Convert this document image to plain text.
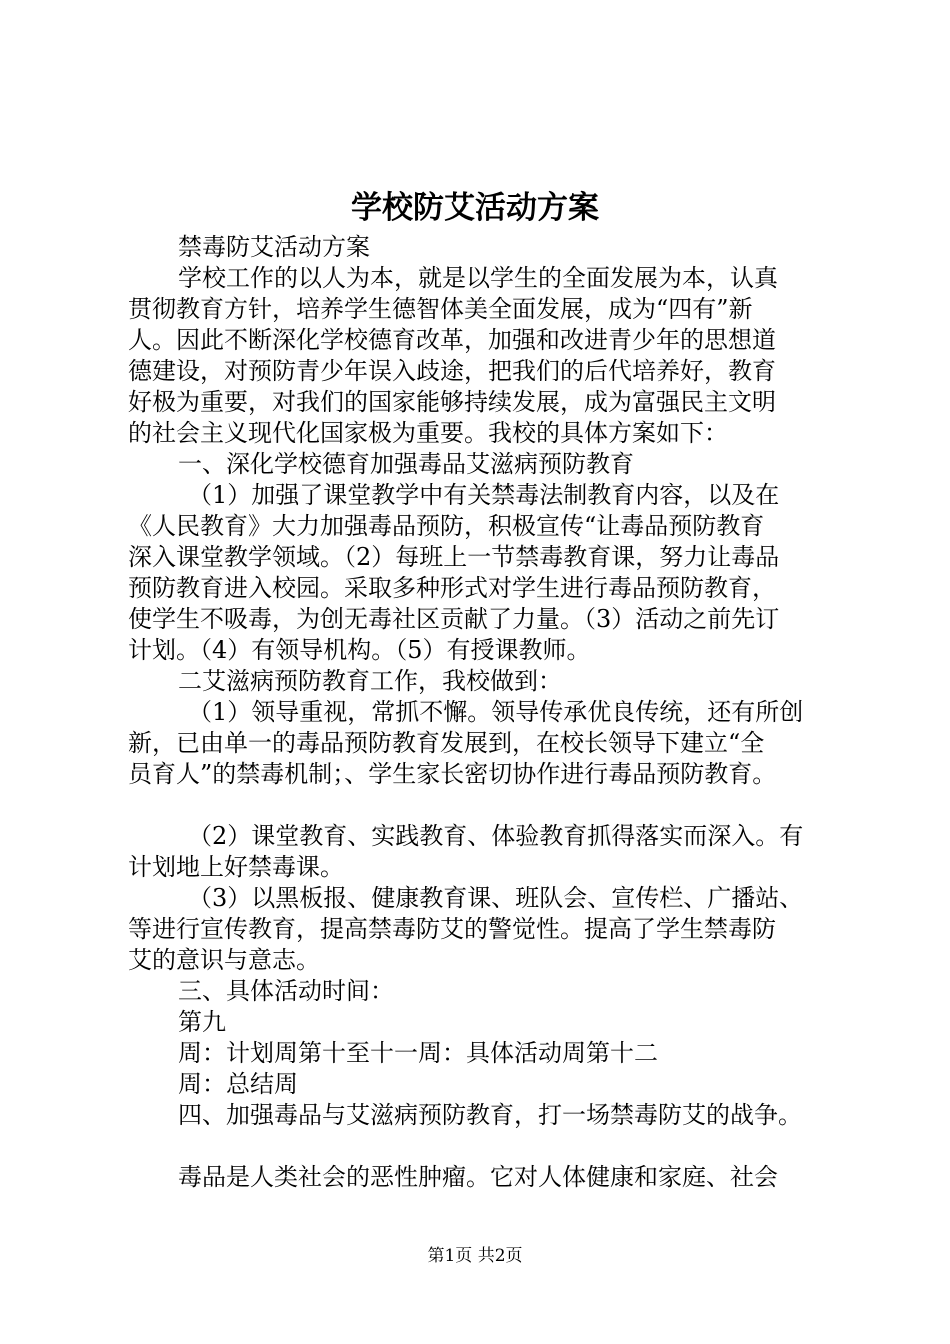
学校防艾活动方案

禁毒防艾活动方案

学校工作的以人为本，就是以学生的全面发展为本，认真

贯彻教育方针，培养学生德智体美全面发展，成为“四有”新

人。因此不断深化学校德育改革，加强和改进青少年的思想道

德建设，对预防青少年误入歧途，把我们的后代培养好，教育

好极为重要，对我们的国家能够持续发展，成为富强民主文明

的社会主义现代化国家极为重要。我校的具体方案如下：

一、深化学校德育加强毒品艾滋病预防教育

（1）加强了课堂教学中有关禁毒法制教育内容，以及在

《人民教育》大力加强毒品预防，积极宣传“让毒品预防教育

深入课堂教学领域。（2）每班上一节禁毒教育课，努力让毒品

预防教育进入校园。采取多种形式对学生进行毒品预防教育，

使学生不吸毒，为创无毒社区贡献了力量。（3）活动之前先订

计划。（4）有领导机构。（5）有授课教师。

二艾滋病预防教育工作，我校做到：

（1）领导重视，常抓不懈。领导传承优良传统，还有所创

新，已由单一的毒品预防教育发展到，在校长领导下建立“全

员育人”的禁毒机制；、学生家长密切协作进行毒品预防教育。

（2）课堂教育、实践教育、体验教育抓得落实而深入。有

计划地上好禁毒课。

（3）以黑板报、健康教育课、班队会、宣传栏、广播站、

等进行宣传教育，提高禁毒防艾的警觉性。提高了学生禁毒防

艾的意识与意志。

三、具体活动时间：

第九

周：计划周第十至十一周：具体活动周第十二

周：总结周

四、加强毒品与艾滋病预防教育，打一场禁毒防艾的战争。

毒品是人类社会的恶性肿瘤。它对人体健康和家庭、社会

第1页 共2页
